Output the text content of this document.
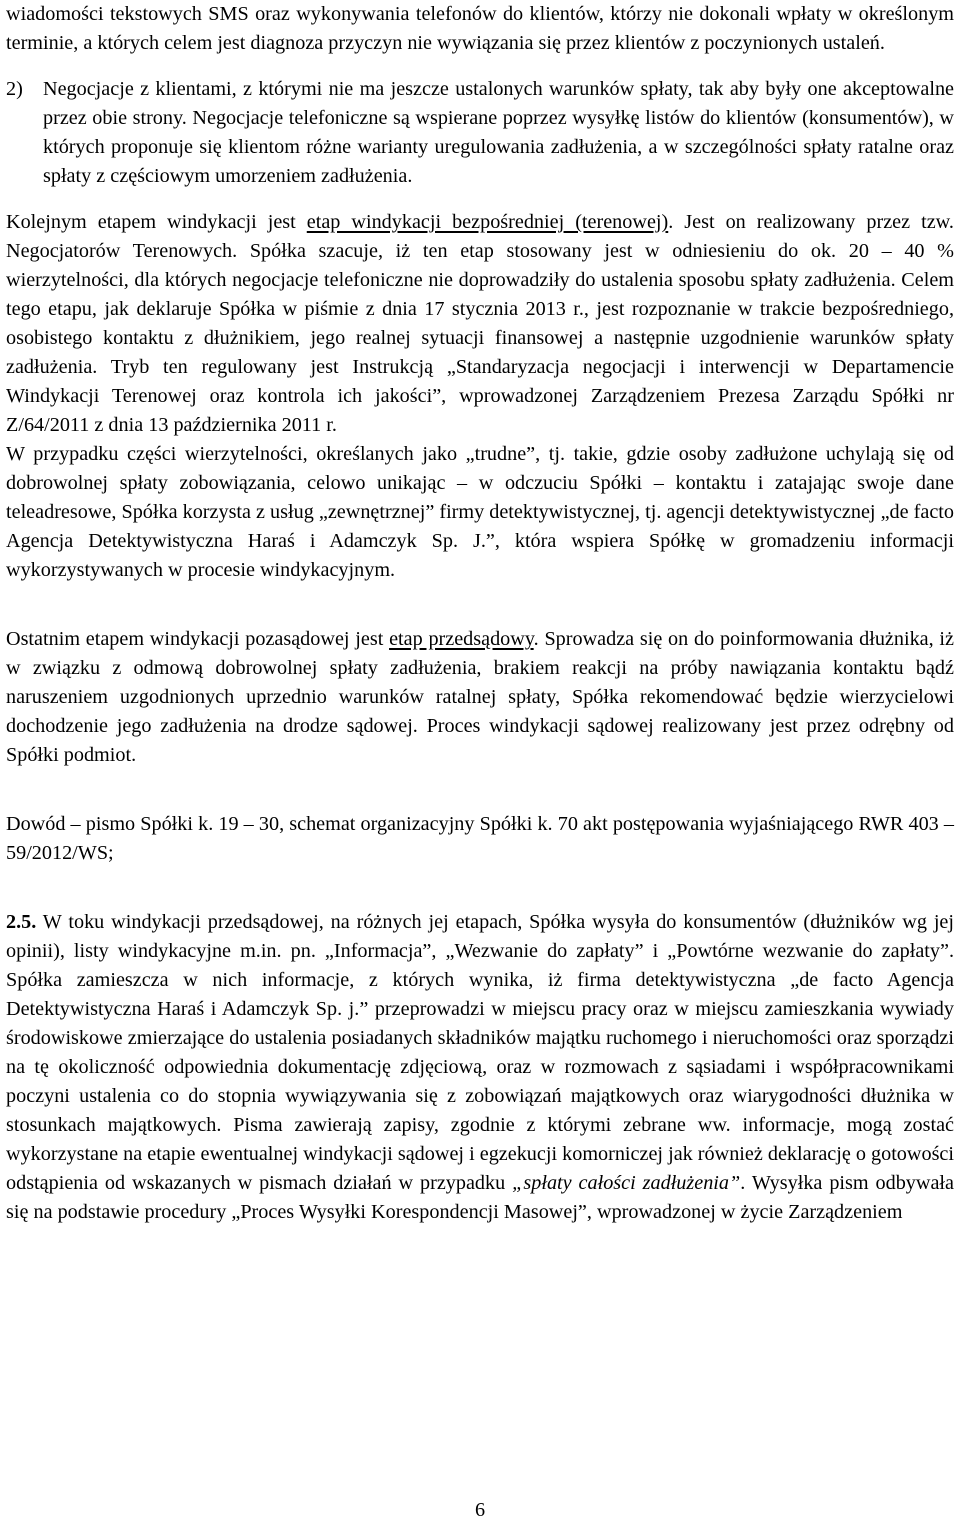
wiadomości tekstowych SMS oraz wykonywania telefonów do klientów, którzy nie dokonali wpłaty w określonym terminie, a których celem jest diagnoza przyczyn nie wywiązania się przez klientów z poczynionych ustaleń.

2) Negocjacje z klientami, z którymi nie ma jeszcze ustalonych warunków spłaty, tak aby były one akceptowalne przez obie strony. Negocjacje telefoniczne są wspierane poprzez wysyłkę listów do klientów (konsumentów), w których proponuje się klientom różne warianty uregulowania zadłużenia, a w szczególności spłaty ratalne oraz spłaty z częściowym umorzeniem zadłużenia.

Kolejnym etapem windykacji jest etap windykacji bezpośredniej (terenowej). Jest on realizowany przez tzw. Negocjatorów Terenowych. Spółka szacuje, iż ten etap stosowany jest w odniesieniu do ok. 20 – 40 % wierzytelności, dla których negocjacje telefoniczne nie doprowadziły do ustalenia sposobu spłaty zadłużenia. Celem tego etapu, jak deklaruje Spółka w piśmie z dnia 17 stycznia 2013 r., jest rozpoznanie w trakcie bezpośredniego, osobistego kontaktu z dłużnikiem, jego realnej sytuacji finansowej a następnie uzgodnienie warunków spłaty zadłużenia. Tryb ten regulowany jest Instrukcją „Standaryzacja negocjacji i interwencji w Departamencie Windykacji Terenowej oraz kontrola ich jakości”, wprowadzonej Zarządzeniem Prezesa Zarządu Spółki nr Z/64/2011 z dnia 13 października 2011 r.

W przypadku części wierzytelności, określanych jako „trudne”, tj. takie, gdzie osoby zadłużone uchylają się od dobrowolnej spłaty zobowiązania, celowo unikając – w odczuciu Spółki – kontaktu i zatajając swoje dane teleadresowe, Spółka korzysta z usług „zewnętrznej” firmy detektywistycznej, tj. agencji detektywistycznej „de facto Agencja Detektywistyczna Haraś i Adamczyk Sp. J.”, która wspiera Spółkę w gromadzeniu informacji wykorzystywanych w procesie windykacyjnym.

Ostatnim etapem windykacji pozasądowej jest etap przedsądowy. Sprowadza się on do poinformowania dłużnika, iż w związku z odmową dobrowolnej spłaty zadłużenia, brakiem reakcji na próby nawiązania kontaktu bądź naruszeniem uzgodnionych uprzednio warunków ratalnej spłaty, Spółka rekomendować będzie wierzycielowi dochodzenie jego zadłużenia na drodze sądowej. Proces windykacji sądowej realizowany jest przez odrębny od Spółki podmiot.

Dowód – pismo Spółki k. 19 – 30, schemat organizacyjny Spółki k. 70 akt postępowania wyjaśniającego RWR 403 – 59/2012/WS;

2.5. W toku windykacji przedsądowej, na różnych jej etapach, Spółka wysyła do konsumentów (dłużników wg jej opinii), listy windykacyjne m.in. pn. „Informacja”, „Wezwanie do zapłaty” i „Powtórne wezwanie do zapłaty”. Spółka zamieszcza w nich informacje, z których wynika, iż firma detektywistyczna „de facto Agencja Detektywistyczna Haraś i Adamczyk Sp. j.” przeprowadzi w miejscu pracy oraz w miejscu zamieszkania wywiady środowiskowe zmierzające do ustalenia posiadanych składników majątku ruchomego i nieruchomości oraz sporządzi na tę okoliczność odpowiednia dokumentację zdjęciową, oraz w rozmowach z sąsiadami i współpracownikami poczyni ustalenia co do stopnia wywiązywania się z zobowiązań majątkowych oraz wiarygodności dłużnika w stosunkach majątkowych. Pisma zawierają zapisy, zgodnie z którymi zebrane ww. informacje, mogą zostać wykorzystane na etapie ewentualnej windykacji sądowej i egzekucji komorniczej jak również deklarację o gotowości odstąpienia od wskazanych w pismach działań w przypadku „spłaty całości zadłużenia”. Wysyłka pism odbywała się na podstawie procedury „Proces Wysyłki Korespondencji Masowej”, wprowadzonej w życie Zarządzeniem

6
